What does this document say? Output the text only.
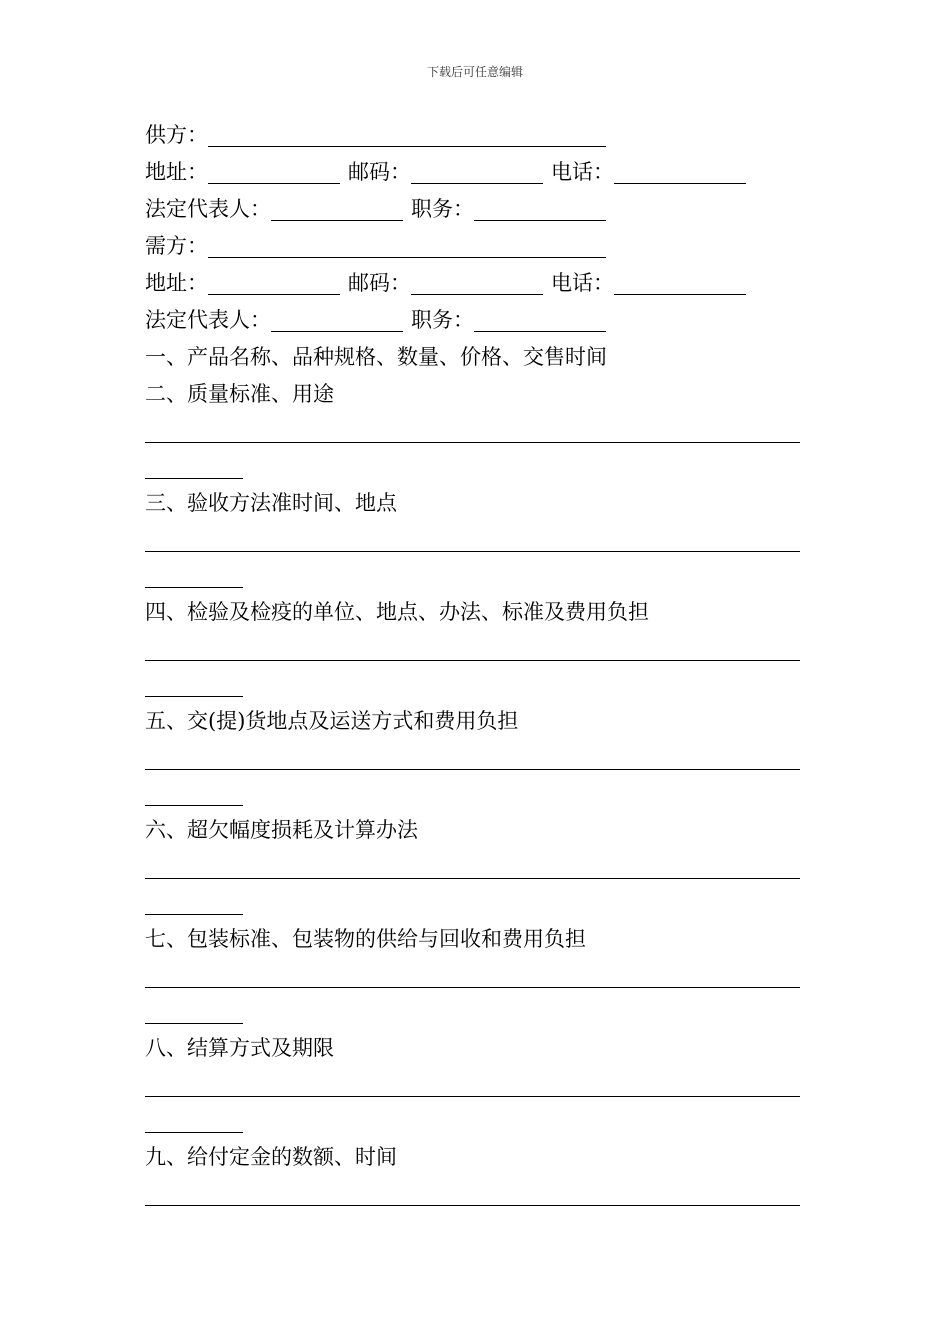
下载后可任意编辑
供方：
地址：	邮码：	电话：
法定代表人：	职务：
需方：
地址：	邮码：	电话：
法定代表人：	职务：
一、产品名称、品种规格、数量、价格、交售时间
二、质量标准、用途
三、验收方法准时间、地点
四、检验及检疫的单位、地点、办法、标准及费用负担
五、交(提)货地点及运送方式和费用负担
六、超欠幅度损耗及计算办法
七、包装标准、包装物的供给与回收和费用负担
八、结算方式及期限
九、给付定金的数额、时间
